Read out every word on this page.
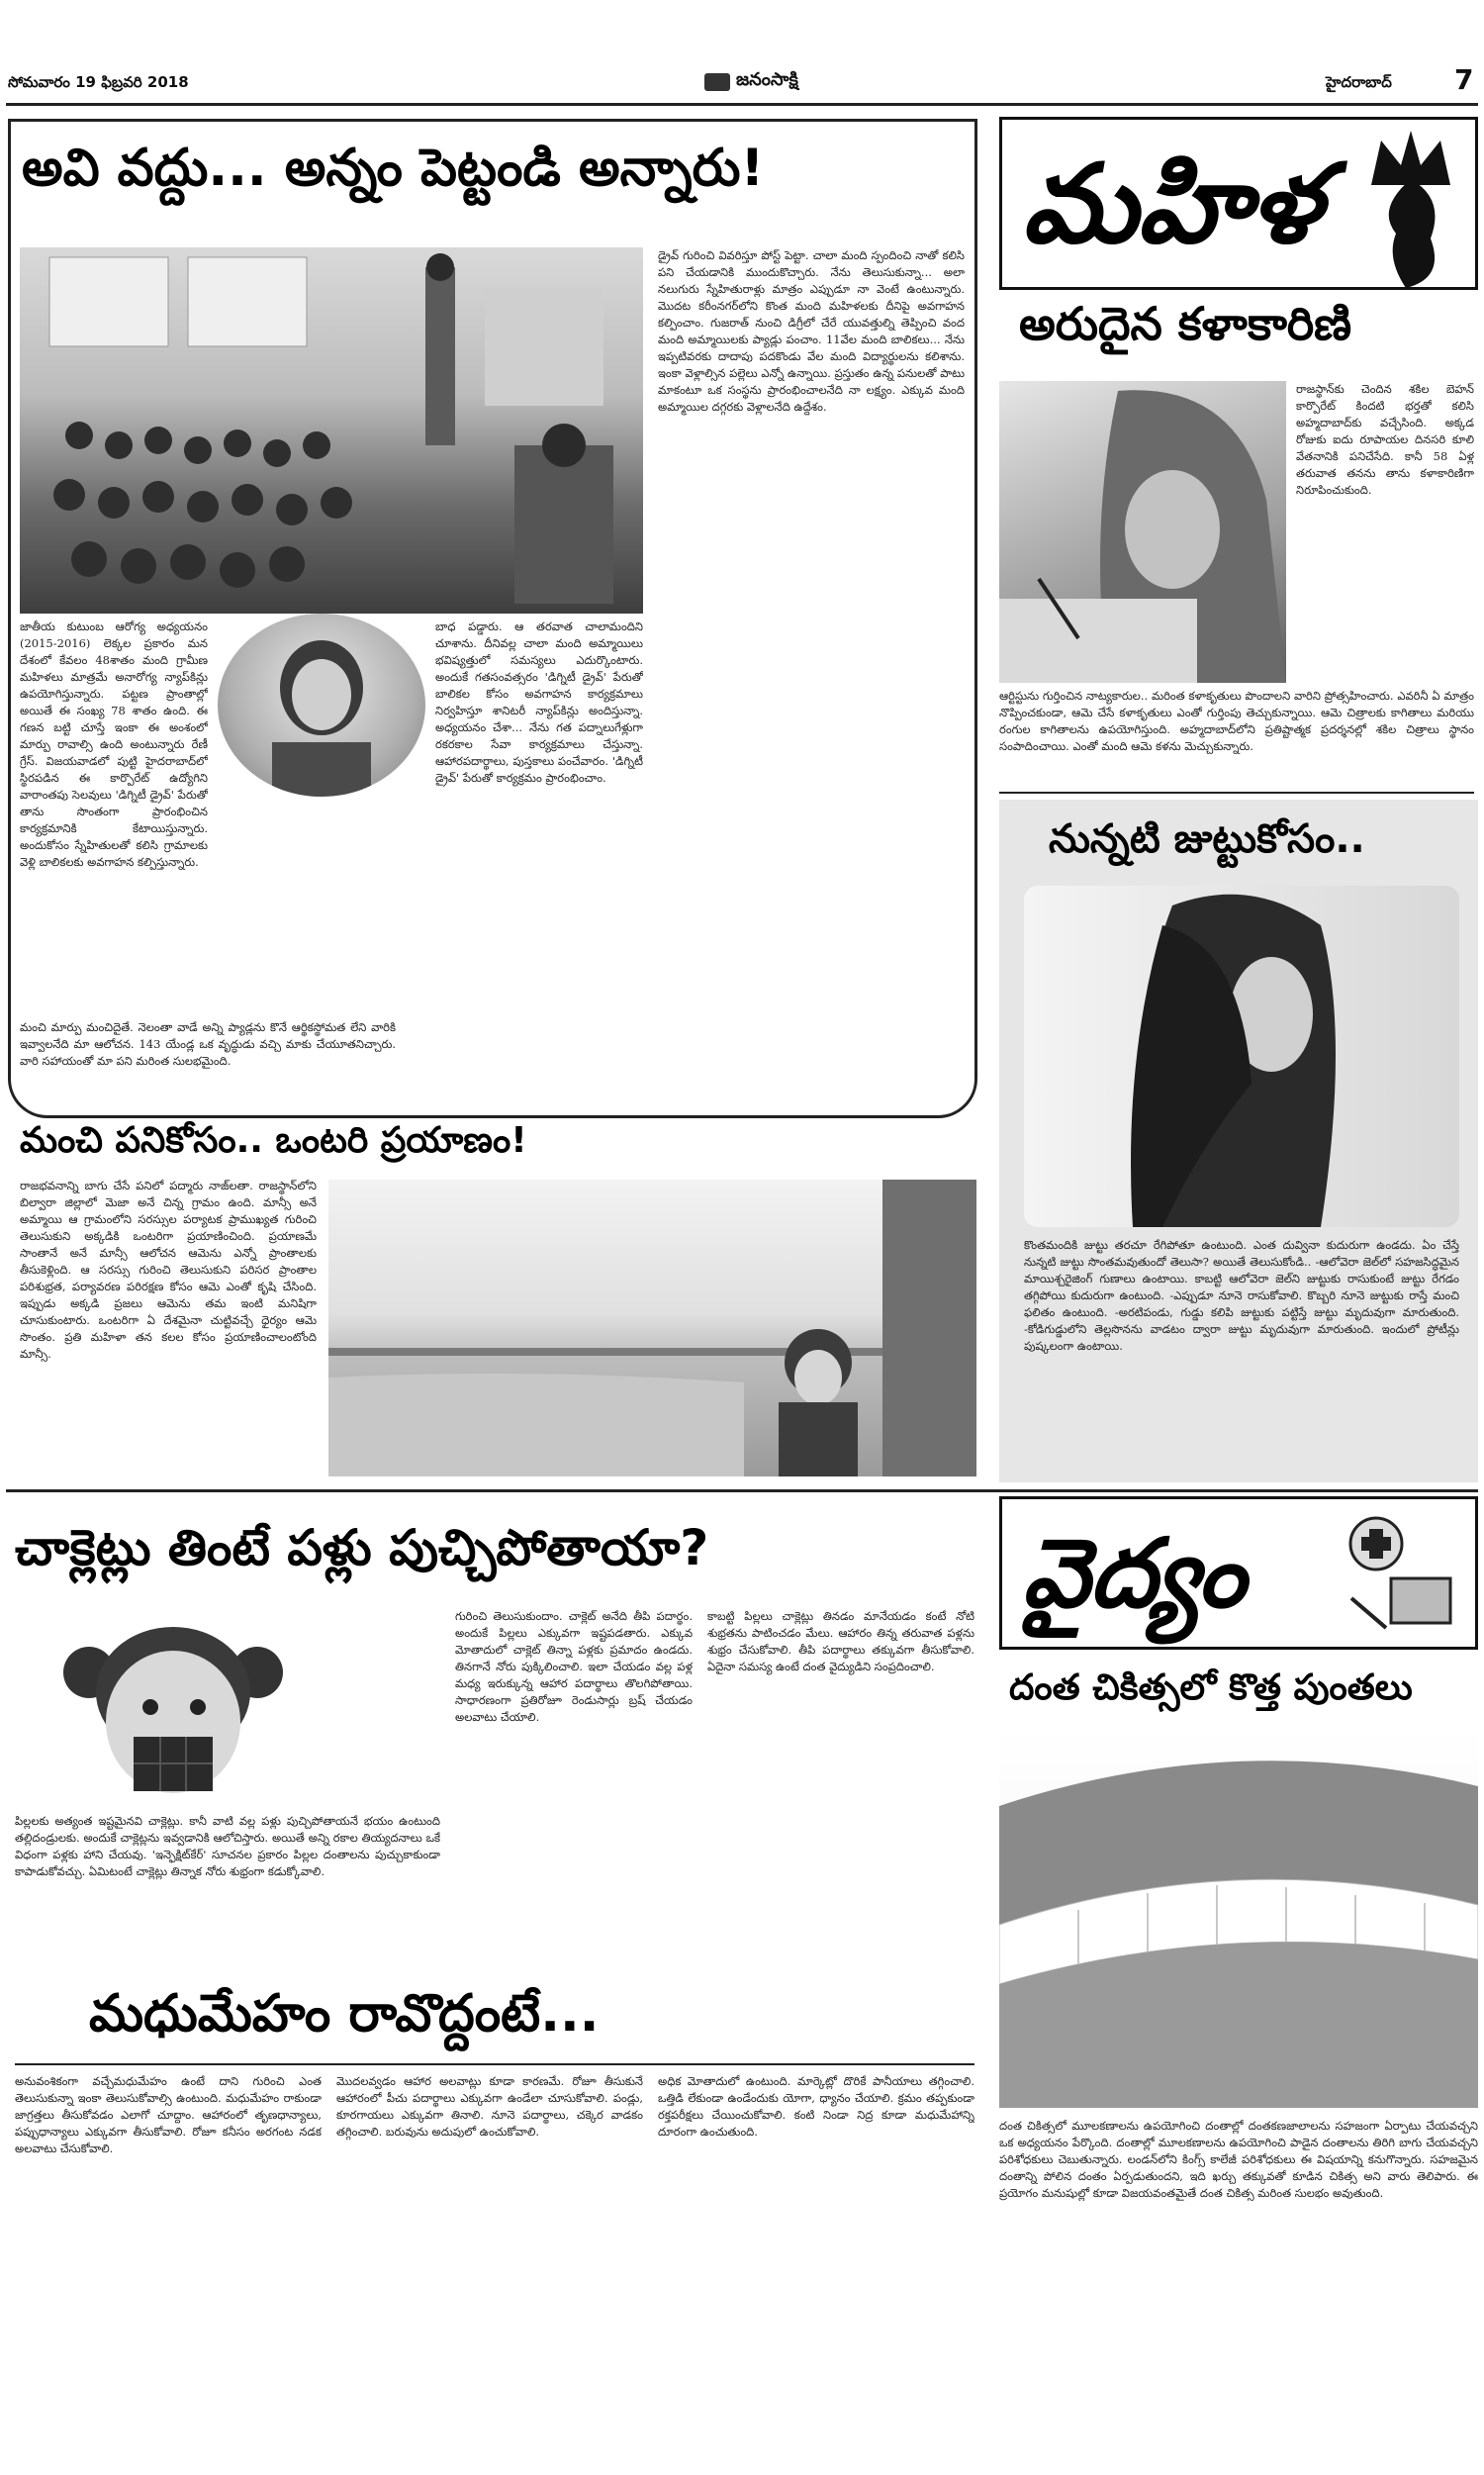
సోమవారం 19 ఫిబ్రవరి 2018	జనంసాక్షి	హైదరాబాద్ 7
అవి వద్దు... అన్నం పెట్టండి అన్నారు!
జాతీయ కుటుంబ ఆరోగ్య అధ్యయనం (2015-2016) లెక్కల ప్రకారం మన దేశంలో కేవలం 48శాతం మంది గ్రామీణ మహిళలు మాత్రమే అనారోగ్య న్యాప్‌కిన్లు ఉపయోగిస్తున్నారు. పట్టణ ప్రాంతాల్లో అయితే ఈ సంఖ్య 78 శాతం ఉంది. ఈ గణన బట్టి చూస్తే ఇంకా ఈ అంశంలో మార్పు రావాల్సి ఉంది అంటున్నారు రేణీ గ్రేస్. విజయవాడలో పుట్టి హైదరాబాద్‌లో స్థిరపడిన ఈ కార్పొరేట్ ఉద్యోగిని వారాంతపు సెలవులు 'డిగ్నిటీ డ్రైవ్' పేరుతో తాను సొంతంగా ప్రారంభించిన కార్యక్రమానికి కేటాయిస్తున్నారు. అందుకోసం స్నేహితులతో కలిసి గ్రామాలకు వెళ్లి బాలికలకు అవగాహన కల్పిస్తున్నారు.
బాధ పడ్డారు. ఆ తరవాత చాలామందిని చూశాను. దీనివల్ల చాలా మంది అమ్మాయిలు భవిష్యత్తులో సమస్యలు ఎదుర్కొంటారు. అందుకే గతసంవత్సరం 'డిగ్నిటీ డ్రైవ్' పేరుతో బాలికల కోసం అవగాహన కార్యక్రమాలు నిర్వహిస్తూ శానిటరీ న్యాప్‌కిన్లు అందిస్తున్నా. అధ్యయనం చేశా... నేను గత పద్నాలుగేళ్లుగా రకరకాల సేవా కార్యక్రమాలు చేస్తున్నా. ఆహారపదార్థాలు, పుస్తకాలు పంచేవారం. 'డిగ్నిటీ డ్రైవ్' పేరుతో కార్యక్రమం ప్రారంభించాం.
డ్రైవ్ గురించి వివరిస్తూ పోస్ట్ పెట్టా. చాలా మంది స్పందించి నాతో కలిసి పని చేయడానికి ముందుకొచ్చారు. నేను తెలుసుకున్నా... అలా నలుగురు స్నేహితురాళ్లు మాత్రం ఎప్పుడూ నా వెంటే ఉంటున్నారు. మొదట కరీంనగర్‌లోని కొంత మంది మహిళలకు దీనిపై అవగాహన కల్పించాం. గుజరాత్ నుంచి డిగ్రీలో చేరే యువత్తుల్ని తెప్పించి వంద మంది అమ్మాయిలకు ప్యాడ్లు పంచాం. 11వేల మంది బాలికలు... నేను ఇప్పటివరకు దాదాపు పదకొండు వేల మంది విద్యార్థులను కలిశాను. ఇంకా వెళ్లాల్సిన పల్లెలు ఎన్నో ఉన్నాయి. ప్రస్తుతం ఉన్న పనులతో పాటు మాకంటూ ఒక సంస్థను ప్రారంభించాలనేది నా లక్ష్యం. ఎక్కువ మంది అమ్మాయిల దగ్గరకు వెళ్లాలనేది ఉద్దేశం.
మంచి మార్పు మంచిదైతే. నెలంతా వాడే అన్ని ప్యాడ్లను కొనే ఆర్థికస్థోమత లేని వారికి ఇవ్వాలనేది మా ఆలోచన. 143 యేండ్ల ఒక వృద్ధుడు వచ్చి మాకు చేయూతనిచ్చారు. వారి సహాయంతో మా పని మరింత సులభమైంది.
మంచి పనికోసం.. ఒంటరి ప్రయాణం!
రాజభవనాన్ని బాగు చేసే పనిలో పద్మారు నాజ్‌లతా. రాజస్థాన్‌లోని బిల్వారా జిల్లాలో మెజా అనే చిన్న గ్రామం ఉంది. మాన్సీ అనే అమ్మాయి ఆ గ్రామంలోని సరస్సుల పర్యాటక ప్రాముఖ్యత గురించి తెలుసుకుని అక్కడికి ఒంటరిగా ప్రయాణించింది. ప్రయాణమే సాంతానే అనే మాన్సీ ఆలోచన ఆమెను ఎన్నో ప్రాంతాలకు తీసుకెళ్లింది. ఆ సరస్సు గురించి తెలుసుకుని పరిసర ప్రాంతాల పరిశుభ్రత, పర్యావరణ పరిరక్షణ కోసం ఆమె ఎంతో కృషి చేసింది. ఇప్పుడు అక్కడి ప్రజలు ఆమెను తమ ఇంటి మనిషిగా చూసుకుంటారు. ఒంటరిగా ఏ దేశమైనా చుట్టివచ్చే ధైర్యం ఆమె సొంతం. ప్రతి మహిళా తన కలల కోసం ప్రయాణించాలంటోంది మాన్సీ.
మహిళ
అరుదైన కళాకారిణి
రాజస్థాన్‌కు చెందిన శకిల బెహన్ కార్పొరేట్ కిందటి భర్తతో కలిసి అహ్మదాబాద్‌కు వచ్చేసింది. అక్కడ రోజుకు ఐదు రూపాయల దినసరి కూలి వేతనానికి పనిచేసేది. కానీ 58 ఏళ్ల తరువాత తనను తాను కళాకారిణిగా నిరూపించుకుంది.
ఆర్టిస్టును గుర్తించిన నాట్యకారుల.. మరింత కళాకృతులు పొందాలని వారిని ప్రోత్సహించారు. ఎవరినీ ఏ మాత్రం నొప్పించకుండా, ఆమె చేసే కళాకృతులు ఎంతో గుర్తింపు తెచ్చుకున్నాయి. ఆమె చిత్రాలకు కాగితాలు మరియు రంగుల కాగితాలను ఉపయోగిస్తుంది. అహ్మదాబాద్‌లోని ప్రతిష్టాత్మక ప్రదర్శనల్లో శకిల చిత్రాలు స్థానం సంపాదించాయి. ఎంతో మంది ఆమె కళను మెచ్చుకున్నారు.
నున్నటి జుట్టుకోసం..
కొంతమందికి జుట్టు తరచూ రేగిపోతూ ఉంటుంది. ఎంత దువ్వినా కుదురుగా ఉండదు. ఏం చేస్తే నున్నటి జుట్టు సొంతమవుతుందో తెలుసా? అయితే తెలుసుకోండి.. -ఆలోవెరా జెల్‌లో సహజసిద్ధమైన మాయిశ్చరైజింగ్ గుణాలు ఉంటాయి. కాబట్టి ఆలోవెరా జెల్‌ని జుట్టుకు రాసుకుంటే జుట్టు రేగడం తగ్గిపోయి కుదురుగా ఉంటుంది. -ఎప్పుడూ నూనె రాసుకోవాలి. కొబ్బరి నూనె జుట్టుకు రాస్తే మంచి ఫలితం ఉంటుంది. -అరటిపండు, గుడ్డు కలిపి జుట్టుకు పట్టిస్తే జుట్టు మృదువుగా మారుతుంది. -కోడిగుడ్డులోని తెల్లసొనను వాడటం ద్వారా జుట్టు మృదువుగా మారుతుంది. ఇందులో ప్రోటీన్లు పుష్కలంగా ఉంటాయి.
చాక్లెట్లు తింటే పళ్లు పుచ్చిపోతాయా?
పిల్లలకు అత్యంత ఇష్టమైనవి చాక్లెట్లు. కానీ వాటి వల్ల పళ్లు పుచ్చిపోతాయనే భయం ఉంటుంది తల్లిదండ్రులకు. అందుకే చాక్లెట్లను ఇవ్వడానికి ఆలోచిస్తారు. అయితే అన్ని రకాల తియ్యదనాలు ఒకే విధంగా పళ్లకు హాని చేయవు. 'ఇన్ఫెక్షిట్‌కేర్' సూచనల ప్రకారం పిల్లల దంతాలను పుచ్చుకాకుండా కాపాడుకోవచ్చు. ఏమిటంటే చాక్లెట్లు తిన్నాక నోరు శుభ్రంగా కడుక్కోవాలి.
గురించి తెలుసుకుందాం. చాక్లెట్ అనేది తీపి పదార్థం. అందుకే పిల్లలు ఎక్కువగా ఇష్టపడతారు. ఎక్కువ మోతాదులో చాక్లెట్ తిన్నా పళ్లకు ప్రమాదం ఉండదు. తినగానే నోరు పుక్కిలించాలి. ఇలా చేయడం వల్ల పళ్ల మధ్య ఇరుక్కున్న ఆహార పదార్థాలు తొలగిపోతాయి. సాధారణంగా ప్రతిరోజూ రెండుసార్లు బ్రష్ చేయడం అలవాటు చేయాలి.
కాబట్టి పిల్లలు చాక్లెట్లు తినడం మానేయడం కంటే నోటి శుభ్రతను పాటించడం మేలు. ఆహారం తిన్న తరువాత పళ్లను శుభ్రం చేసుకోవాలి. తీపి పదార్థాలు తక్కువగా తీసుకోవాలి. ఏదైనా సమస్య ఉంటే దంత వైద్యుడిని సంప్రదించాలి.
మధుమేహం రావొద్దంటే...
అనువంశికంగా వచ్చేమధుమేహం ఉంటే దాని గురించి ఎంత తెలుసుకున్నా ఇంకా తెలుసుకోవాల్సి ఉంటుంది. మధుమేహం రాకుండా జాగ్రత్తలు తీసుకోవడం ఎలాగో చూద్దాం. ఆహారంలో తృణధాన్యాలు, పప్పుధాన్యాలు ఎక్కువగా తీసుకోవాలి. రోజూ కనీసం అరగంట నడక అలవాటు చేసుకోవాలి.
మొదలవ్వడం ఆహార అలవాట్లు కూడా కారణమే. రోజూ తీసుకునే ఆహారంలో పీచు పదార్థాలు ఎక్కువగా ఉండేలా చూసుకోవాలి. పండ్లు, కూరగాయలు ఎక్కువగా తినాలి. నూనె పదార్థాలు, చక్కెర వాడకం తగ్గించాలి. బరువును అదుపులో ఉంచుకోవాలి.
అధిక మోతాదులో ఉంటుంది. మార్కెట్లో దొరికే పానీయాలు తగ్గించాలి. ఒత్తిడి లేకుండా ఉండేందుకు యోగా, ధ్యానం చేయాలి. క్రమం తప్పకుండా రక్తపరీక్షలు చేయించుకోవాలి. కంటి నిండా నిద్ర కూడా మధుమేహాన్ని దూరంగా ఉంచుతుంది.
వైద్యం
దంత చికిత్సలో కొత్త పుంతలు
దంత చికిత్సలో మూలకణాలను ఉపయోగించి దంతాల్లో దంతకణజాలాలను సహజంగా ఏర్పాటు చేయవచ్చని ఒక అధ్యయనం పేర్కొంది. దంతాల్లో మూలకణాలను ఉపయోగించి పాడైన దంతాలను తిరిగి బాగు చేయవచ్చని పరిశోధకులు చెబుతున్నారు. లండన్‌లోని కింగ్స్ కాలేజీ పరిశోధకులు ఈ విషయాన్ని కనుగొన్నారు. సహజమైన దంతాన్ని పోలిన దంతం ఏర్పడుతుందని, ఇది ఖర్చు తక్కువతో కూడిన చికిత్స అని వారు తెలిపారు. ఈ ప్రయోగం మనుషుల్లో కూడా విజయవంతమైతే దంత చికిత్స మరింత సులభం అవుతుంది.
